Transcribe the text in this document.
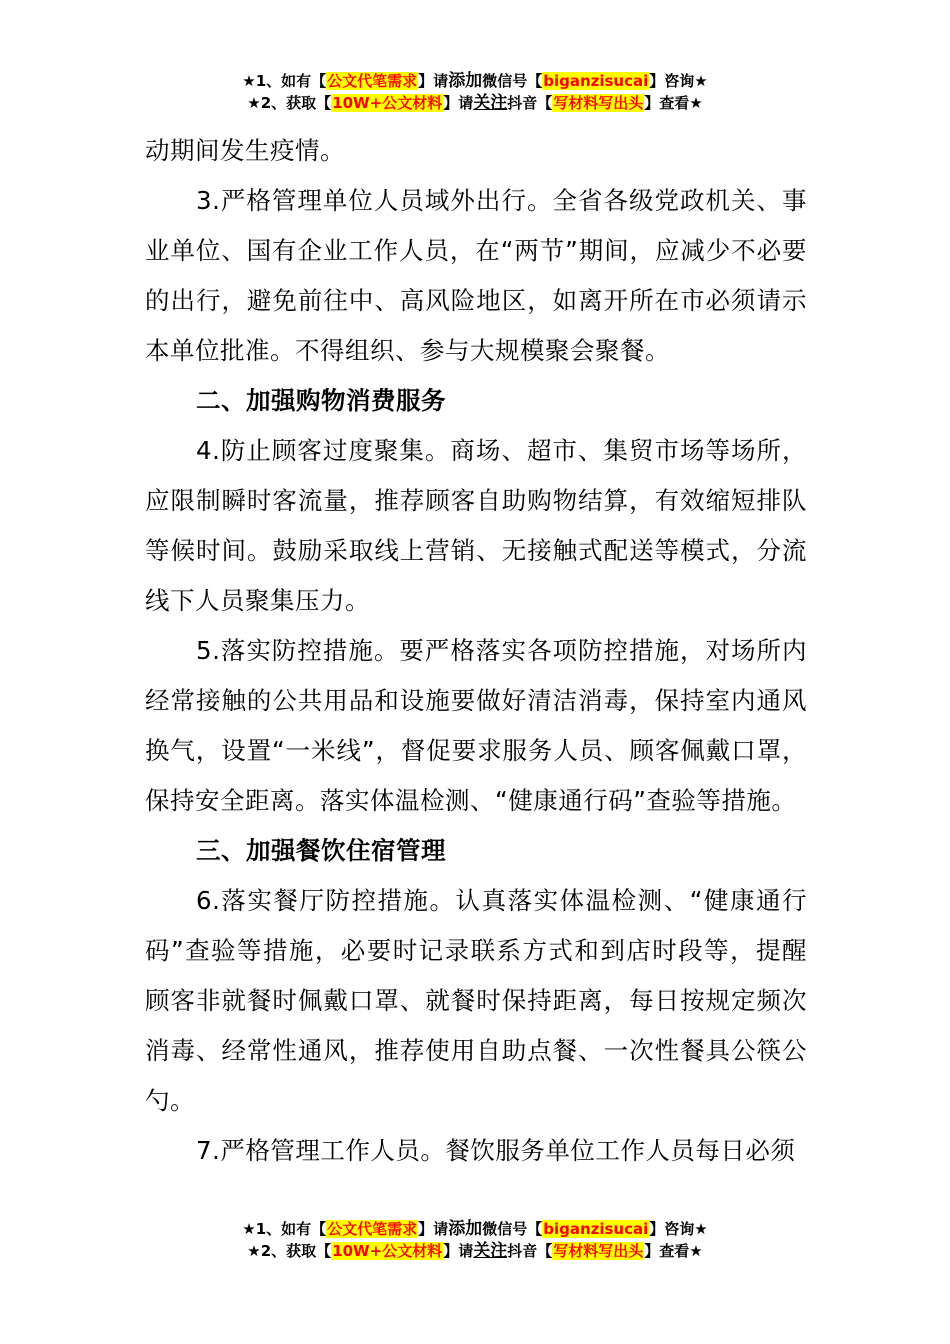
★1、如有【公文代笔需求】请添加微信号【biganzisucai】咨询★
★2、获取【10W+公文材料】请关注抖音【写材料写出头】查看★

动期间发生疫情。

3.严格管理单位人员域外出行。全省各级党政机关、事业单位、国有企业工作人员，在“两节”期间，应减少不必要的出行，避免前往中、高风险地区，如离开所在市必须请示本单位批准。不得组织、参与大规模聚会聚餐。

二、加强购物消费服务

4.防止顾客过度聚集。商场、超市、集贸市场等场所，应限制瞬时客流量，推荐顾客自助购物结算，有效缩短排队等候时间。鼓励采取线上营销、无接触式配送等模式，分流线下人员聚集压力。

5.落实防控措施。要严格落实各项防控措施，对场所内经常接触的公共用品和设施要做好清洁消毒，保持室内通风换气，设置“一米线”，督促要求服务人员、顾客佩戴口罩，保持安全距离。落实体温检测、“健康通行码”查验等措施。

三、加强餐饮住宿管理

6.落实餐厅防控措施。认真落实体温检测、“健康通行码”查验等措施，必要时记录联系方式和到店时段等，提醒顾客非就餐时佩戴口罩、就餐时保持距离，每日按规定频次消毒、经常性通风，推荐使用自助点餐、一次性餐具公筷公勺。

7.严格管理工作人员。餐饮服务单位工作人员每日必须

★1、如有【公文代笔需求】请添加微信号【biganzisucai】咨询★
★2、获取【10W+公文材料】请关注抖音【写材料写出头】查看★
